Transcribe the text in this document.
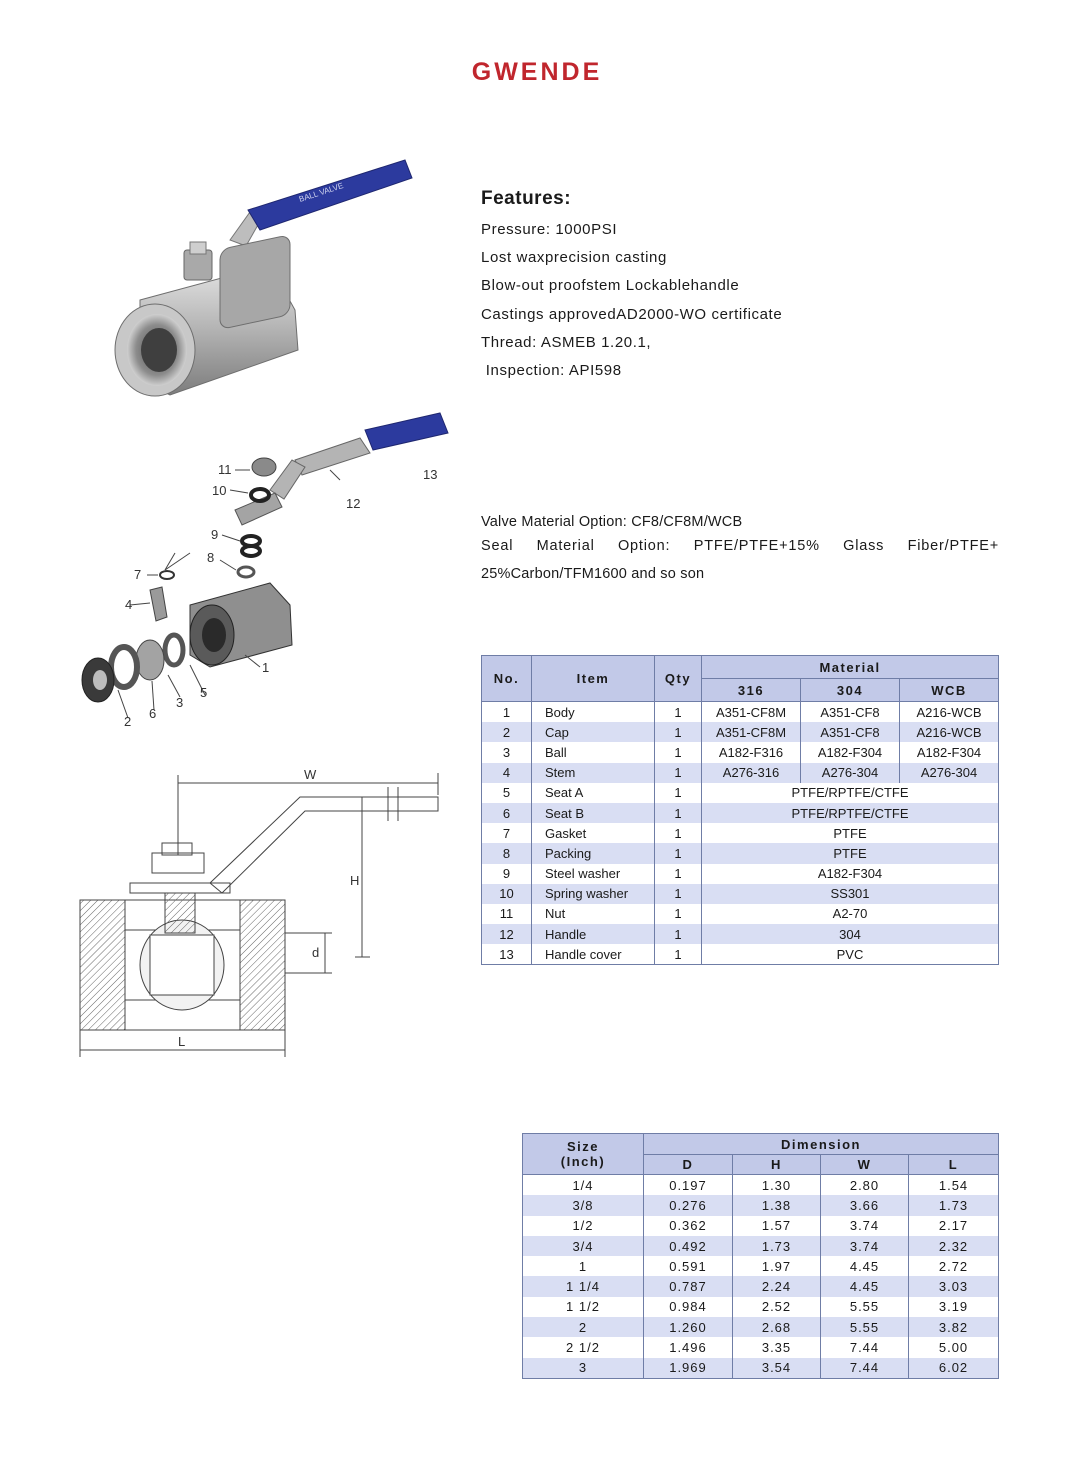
GWENDE
BALL VALVE	Features:
Pressure: 1000PSI
Lost waxprecision casting
Blow-out proofstem Lockablehandle
Castings approvedAD2000-WO certificate
Thread: ASMEB 1.20.1,
Inspection: API598
11
10
13
12
9
8
7
4
1
5
3
6
2
W
H
d
L
Valve Material Option: CF8/CF8M/WCB
Seal Material Option: PTFE/PTFE+15% Glass Fiber/PTFE+
25%Carbon/TFM1600 and so son
No.	Item	Qty	Material		
			316	304	WCB
1	Body	1	A351-CF8M	A351-CF8	A216-WCB
2	Cap	1	A351-CF8M	A351-CF8	A216-WCB
3	Ball	1	A182-F316	A182-F304	A182-F304
4	Stem	1	A276-316	A276-304	A276-304
5	Seat A	1	PTFE/RPTFE/CTFE		
6	Seat B	1	PTFE/RPTFE/CTFE		
7	Gasket	1	PTFE		
8	Packing	1	PTFE		
9	Steel washer	1	A182-F304		
10	Spring washer	1	SS301		
11	Nut	1	A2-70		
12	Handle	1	304		
13	Handle cover	1	PVC		
Size
(Inch)	Dimension			
	D	H	W	L
1/4	0.197	1.30	2.80	1.54
3/8	0.276	1.38	3.66	1.73
1/2	0.362	1.57	3.74	2.17
3/4	0.492	1.73	3.74	2.32
1	0.591	1.97	4.45	2.72
1 1/4	0.787	2.24	4.45	3.03
1 1/2	0.984	2.52	5.55	3.19
2	1.260	2.68	5.55	3.82
2 1/2	1.496	3.35	7.44	5.00
3	1.969	3.54	7.44	6.02
